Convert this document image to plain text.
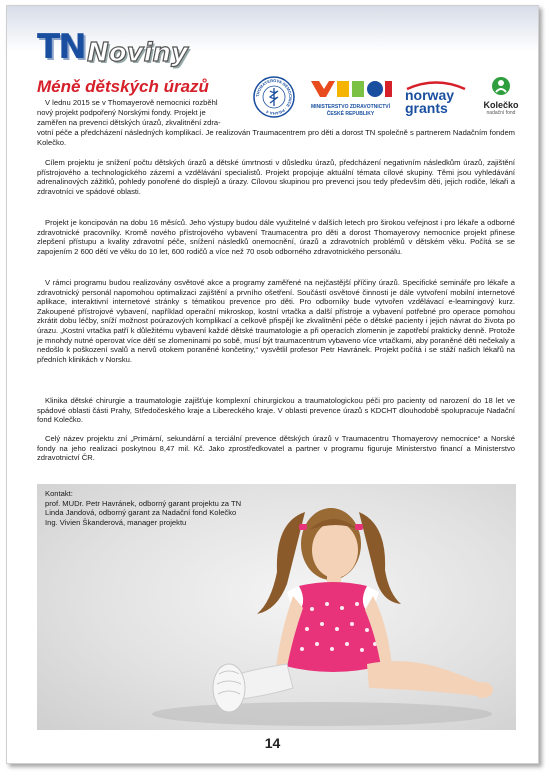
TN Noviny
Méně dětských úrazů	THOMAYEROVA NEMOCNICE · PRAHA 4
MINISTERSTVO ZDRAVOTNICTVÍ
ČESKÉ REPUBLIKY
norway
grants	Kolečko
nadační fond

V lednu 2015 se v Thomayerově nemocnici rozběhl

nový projekt podpořený Norskými fondy. Projekt je

zaměřen na prevenci dětských úrazů, zkvalitnění zdra-

votní péče a předcházení následných komplikací. Je realizován Traumacentrem pro děti a dorost TN společně s partnerem Nadačním fondem Kolečko.

Cílem projektu je snížení počtu dětských úrazů a dětské úmrtnosti v důsledku úrazů, předcházení negativním následkům úrazů, zajištění přístrojového a technologického zázemí a vzdělávání specialistů. Projekt propojuje aktuální témata cílové skupiny. Těmi jsou vyhledávání adrenalinových zážitků, pohledy ponořené do displejů a úrazy. Cílovou skupinou pro prevenci jsou tedy především děti, jejich rodiče, lékaři a zdravotníci ve spádové oblasti.

Projekt je koncipován na dobu 16 měsíců. Jeho výstupy budou dále využitelné v dalších letech pro širokou veřejnost i pro lékaře a odborné zdravotnické pracovníky. Kromě nového přístrojového vybavení Traumacentra pro děti a dorost Thomayerovy nemocnice projekt přinese zlepšení přístupu a kvality zdravotní péče, snížení následků onemocnění, úrazů a zdravotních problémů v dětském věku. Počítá se se zapojením 2 600 dětí ve věku do 10 let, 600 rodičů a více než 70 osob odborného zdravotnického personálu.

V rámci programu budou realizovány osvětové akce a programy zaměřené na nejčastější příčiny úrazů. Specifické semináře pro lékaře a zdravotnický personál napomohou optimalizaci zajištění a prvního ošetření. Součástí osvětové činnosti je dále vytvoření mobilní internetové aplikace, interaktivní internetové stránky s tématikou prevence pro děti. Pro odborníky bude vytvořen vzdělávací e-learningový kurz. Zakoupené přístrojové vybavení, například operační mikroskop, kostní vrtačka a další přístroje a vybavení potřebné pro operace pomohou zkrátit dobu léčby, sníží možnost poúrazových komplikací a celkově přispějí ke zkvalitnění péče o dětské pacienty i jejich návrat do života po úrazu. „Kostní vrtačka patří k důležitému vybavení každé dětské traumatologie a při operacích zlomenin je zapotřebí prakticky denně. Protože je mnohdy nutné operovat více dětí se zlomeninami po sobě, musí být traumacentrum vybaveno více vrtačkami, aby poraněné děti nečekaly a nedošlo k poškození svalů a nervů otokem poraněné končetiny,“ vysvětlil profesor Petr Havránek. Projekt počítá i se stáží našich lékařů na předních klinikách v Norsku.

Klinika dětské chirurgie a traumatologie zajišťuje komplexní chirurgickou a traumatologickou péči pro pacienty od narození do 18 let ve spádové oblasti části Prahy, Středočeského kraje a Libereckého kraje. V oblasti prevence úrazů s KDCHT dlouhodobě spolupracuje Nadační fond Kolečko.

Celý název projektu zní „Primární, sekundární a terciální prevence dětských úrazů v Traumacentru Thomayerovy nemocnice“ a Norské fondy na jeho realizaci poskytnou 8,47 mil. Kč. Jako zprostředkovatel a partner v programu figuruje Ministerstvo financí a Ministerstvo zdravotnictví ČR.

Kontakt:
prof. MUDr. Petr Havránek, odborný garant projektu za TN
Linda Jandová, odborný garant za Nadační fond Kolečko
Ing. Vivien Škanderová, manager projektu
14
